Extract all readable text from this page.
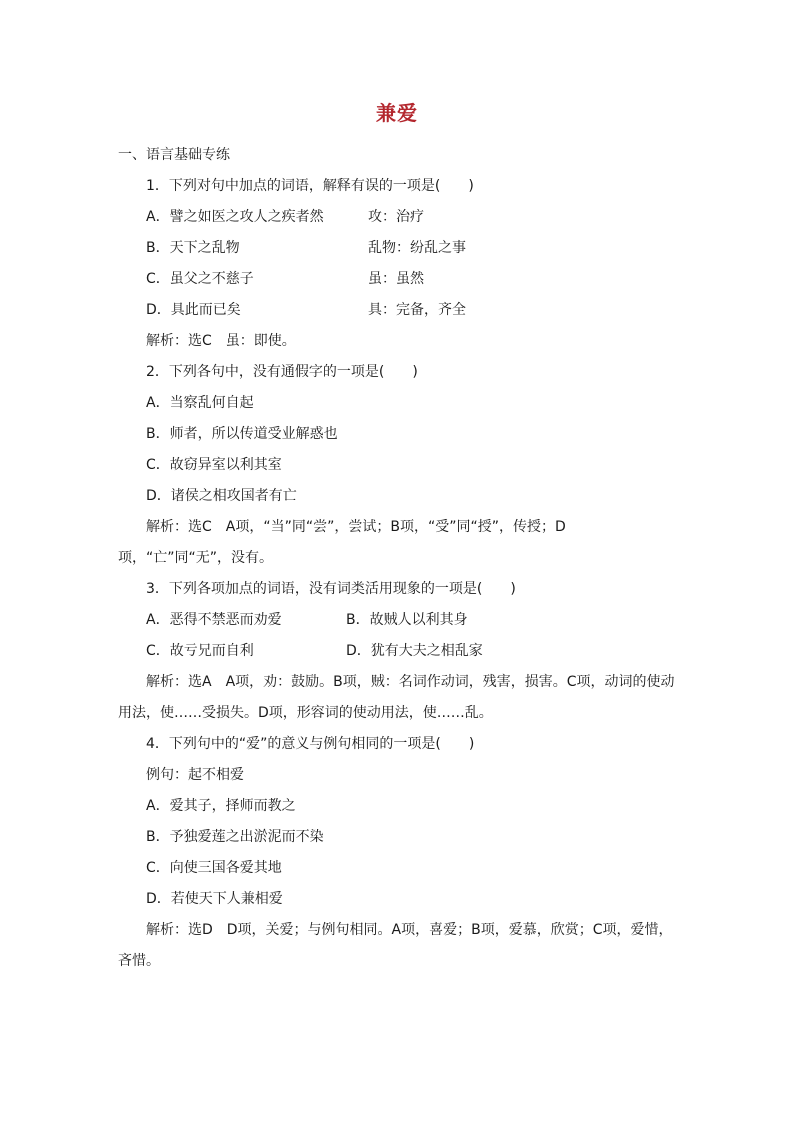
兼爱
一、语言基础专练
1．下列对句中加点的词语，解释有误的一项是(　　)
A．譬之如医之攻人之疾者然	攻：治疗
B．天下之乱物	乱物：纷乱之事
C．虽父之不慈子	虽：虽然
D．具此而已矣	具：完备，齐全
解析：选C　虽：即使。
2．下列各句中，没有通假字的一项是(　　)
A．当察乱何自起
B．师者，所以传道受业解惑也
C．故窃异室以利其室
D．诸侯之相攻国者有亡
解析：选C　A项，“当”同“尝”，尝试；B项，“受”同“授”，传授；D项，“亡”同“无”，没有。
3．下列各项加点的词语，没有词类活用现象的一项是(　　)
A．恶得不禁恶而劝爱	B．故贼人以利其身
C．故亏兄而自利	D．犹有大夫之相乱家
解析：选A　A项，劝：鼓励。B项，贼：名词作动词，残害，损害。C项，动词的使动用法，使……受损失。D项，形容词的使动用法，使……乱。
4．下列句中的“爱”的意义与例句相同的一项是(　　)
例句：起不相爱
A．爱其子，择师而教之
B．予独爱莲之出淤泥而不染
C．向使三国各爱其地
D．若使天下人兼相爱
解析：选D　D项，关爱；与例句相同。A项，喜爱；B项，爱慕，欣赏；C项，爱惜，吝惜。
